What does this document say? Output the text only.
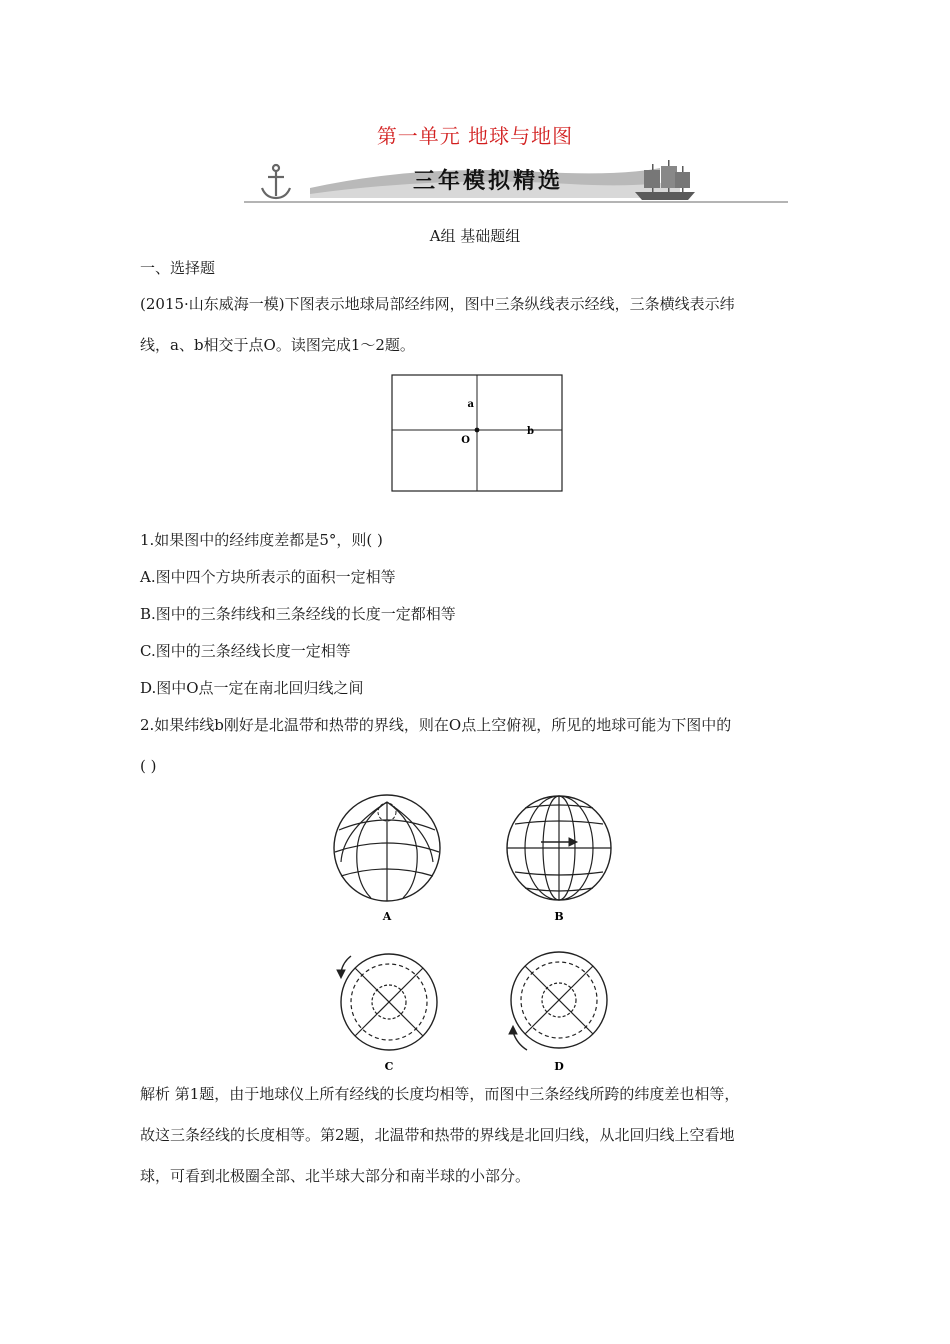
第一单元 地球与地图
三年模拟精选
A组 基础题组
一、选择题
(2015·山东威海一模)下图表示地球局部经纬网，图中三条纵线表示经线，三条横线表示纬
线，a、b相交于点O。读图完成1～2题。
a
b
O
1.如果图中的经纬度差都是5°，则( )
A.图中四个方块所表示的面积一定相等
B.图中的三条纬线和三条经线的长度一定都相等
C.图中的三条经线长度一定相等
D.图中O点一定在南北回归线之间
2.如果纬线b刚好是北温带和热带的界线，则在O点上空俯视，所见的地球可能为下图中的
( )
A	B
C	D
解析 第1题，由于地球仪上所有经线的长度均相等，而图中三条经线所跨的纬度差也相等，
故这三条经线的长度相等。第2题，北温带和热带的界线是北回归线，从北回归线上空看地
球，可看到北极圈全部、北半球大部分和南半球的小部分。
